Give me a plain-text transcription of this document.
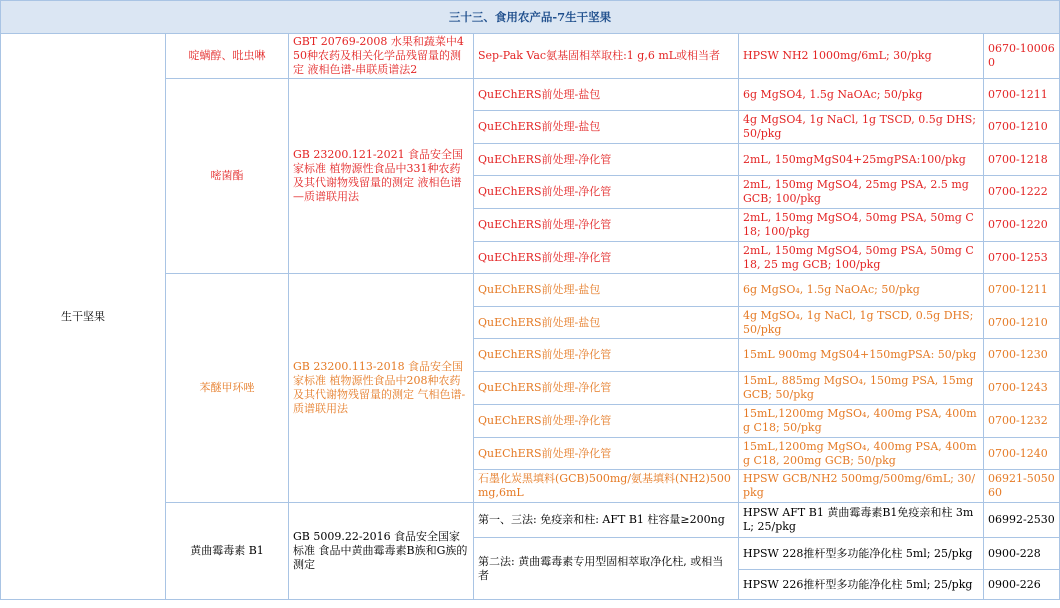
三十三、食用农产品-7生干坚果					
生干坚果	啶螨醇、吡虫啉	GBT 20769-2008 水果和蔬菜中450种农药及相关化学品残留量的测定 液相色谱-串联质谱法2	Sep-Pak Vac氨基固相萃取柱:1 g,6 mL或相当者	HPSW NH2 1000mg/6mL; 30/pkg	0670-100060
	嘧菌酯	GB 23200.121-2021 食品安全国家标准 植物源性食品中331种农药及其代谢物残留量的测定 液相色谱—质谱联用法	QuEChERS前处理-盐包	6g MgSO4, 1.5g NaOAc; 50/pkg	0700-1211
			QuEChERS前处理-盐包	4g MgSO4, 1g NaCl, 1g TSCD, 0.5g DHS; 50/pkg	0700-1210
			QuEChERS前处理-净化管	2mL, 150mgMgS04+25mgPSA:100/pkg	0700-1218
			QuEChERS前处理-净化管	2mL, 150mg MgSO4, 25mg PSA, 2.5 mg GCB; 100/pkg	0700-1222
			QuEChERS前处理-净化管	2mL, 150mg MgSO4, 50mg PSA, 50mg C18; 100/pkg	0700-1220
			QuEChERS前处理-净化管	2mL, 150mg MgSO4, 50mg PSA, 50mg C18, 25 mg GCB; 100/pkg	0700-1253
	苯醚甲环唑	GB 23200.113-2018 食品安全国家标准 植物源性食品中208种农药及其代谢物残留量的测定 气相色谱-质谱联用法	QuEChERS前处理-盐包	6g MgSO₄, 1.5g NaOAc; 50/pkg	0700-1211
			QuEChERS前处理-盐包	4g MgSO₄, 1g NaCl, 1g TSCD, 0.5g DHS; 50/pkg	0700-1210
			QuEChERS前处理-净化管	15mL 900mg MgS04+150mgPSA: 50/pkg	0700-1230
			QuEChERS前处理-净化管	15mL, 885mg MgSO₄, 150mg PSA, 15mg GCB; 50/pkg	0700-1243
			QuEChERS前处理-净化管	15mL,1200mg MgSO₄, 400mg PSA, 400mg C18; 50/pkg	0700-1232
			QuEChERS前处理-净化管	15mL,1200mg MgSO₄, 400mg PSA, 400mg C18, 200mg GCB; 50/pkg	0700-1240
			石墨化炭黑填料(GCB)500mg/氨基填料(NH2)500mg,6mL	HPSW GCB/NH2 500mg/500mg/6mL; 30/pkg	06921-505060
	黄曲霉毒素 B1	GB 5009.22-2016 食品安全国家标准 食品中黄曲霉毒素B族和G族的测定	第一、三法: 免疫亲和柱: AFT B1 柱容量≥200ng	HPSW AFT B1 黄曲霉毒素B1免疫亲和柱 3mL; 25/pkg	06992-2530
			第二法: 黄曲霉毒素专用型固相萃取净化柱, 或相当者	HPSW 228推杆型多功能净化柱 5ml; 25/pkg	0900-228
				HPSW 226推杆型多功能净化柱 5ml; 25/pkg	0900-226
